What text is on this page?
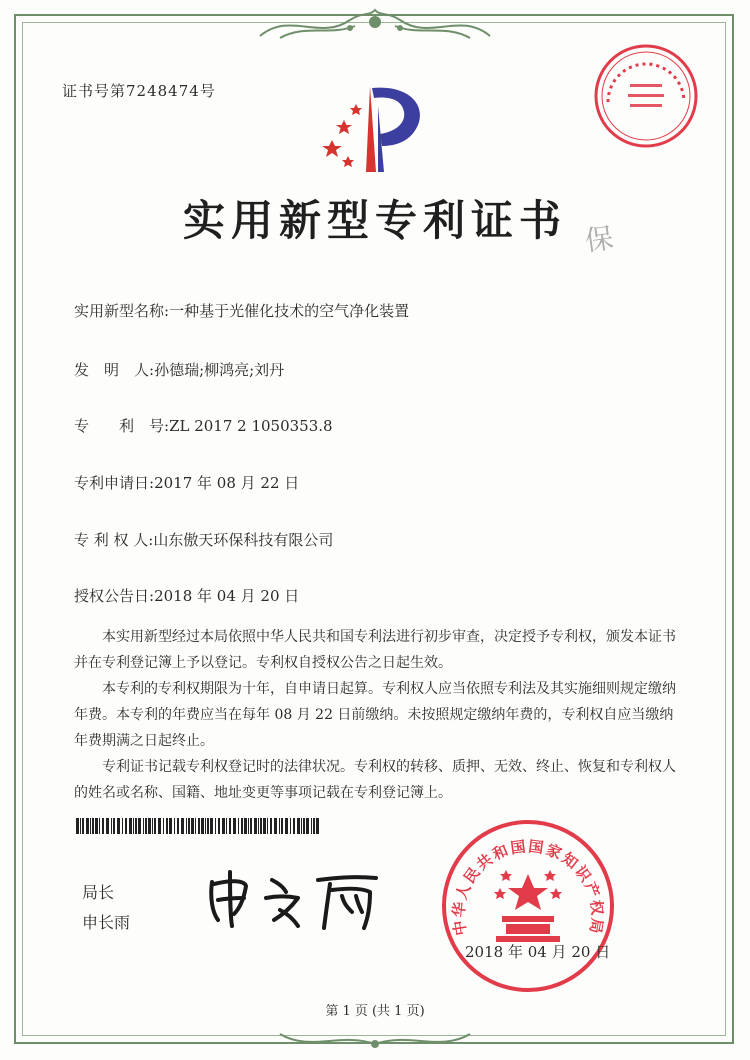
证书号第7248474号
实用新型专利证书 保
实用新型名称:一种基于光催化技术的空气净化装置
发　明　人:孙德瑞;柳鸿亮;刘丹
专　　利　号:ZL 2017 2 1050353.8
专利申请日:2017 年 08 月 22 日
专 利 权 人:山东傲天环保科技有限公司
授权公告日:2018 年 04 月 20 日

　　本实用新型经过本局依照中华人民共和国专利法进行初步审查，决定授予专利权，颁发本证书并在专利登记簿上予以登记。专利权自授权公告之日起生效。

　　本专利的专利权期限为十年，自申请日起算。专利权人应当依照专利法及其实施细则规定缴纳年费。本专利的年费应当在每年 08 月 22 日前缴纳。未按照规定缴纳年费的，专利权自应当缴纳年费期满之日起终止。

　　专利证书记载专利权登记时的法律状况。专利权的转移、质押、无效、终止、恢复和专利权人的姓名或名称、国籍、地址变更等事项记载在专利登记簿上。

局长
申长雨	中华人民共和国国家知识产权局
2018 年 04 月 20 日
第 1 页 (共 1 页)
